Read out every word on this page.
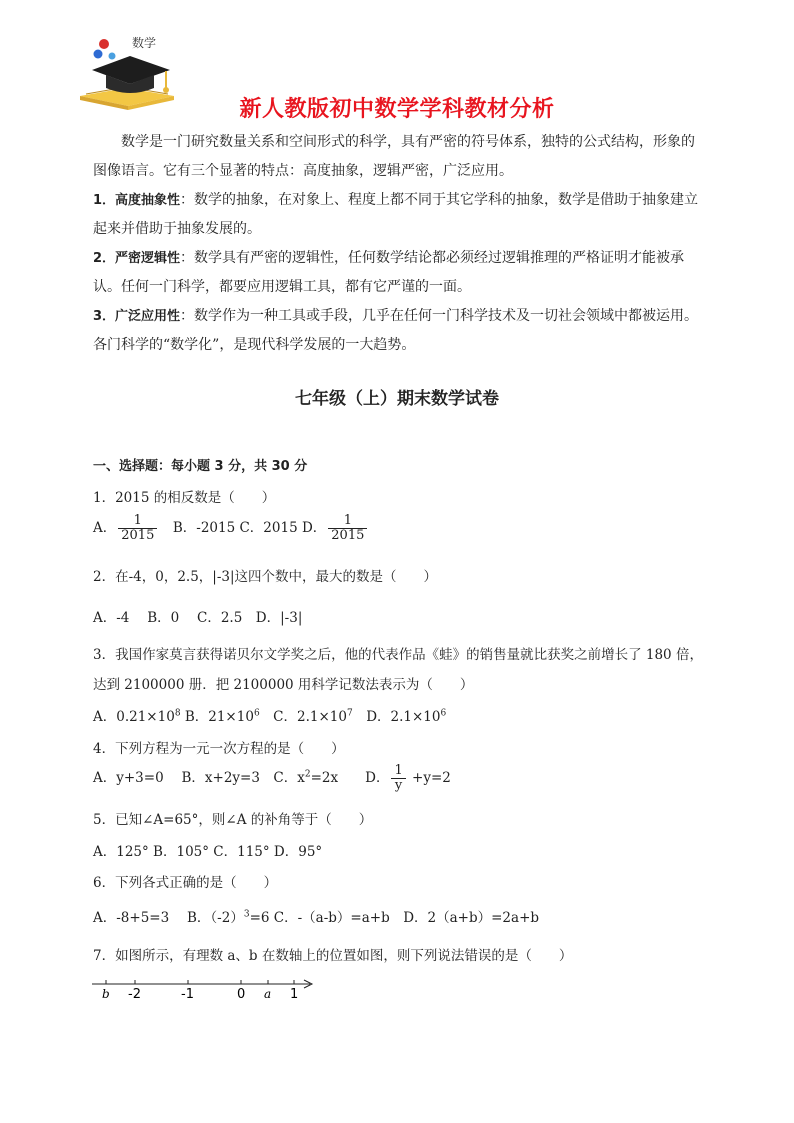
数学
新人教版初中数学学科教材分析
数学是一门研究数量关系和空间形式的科学，具有严密的符号体系，独特的公式结构，形象的图像语言。它有三个显著的特点：高度抽象，逻辑严密，广泛应用。
1．高度抽象性：数学的抽象，在对象上、程度上都不同于其它学科的抽象，数学是借助于抽象建立起来并借助于抽象发展的。
2．严密逻辑性：数学具有严密的逻辑性，任何数学结论都必须经过逻辑推理的严格证明才能被承认。任何一门科学，都要应用逻辑工具，都有它严谨的一面。
3．广泛应用性：数学作为一种工具或手段，几乎在任何一门科学技术及一切社会领域中都被运用。各门科学的“数学化”，是现代科学发展的一大趋势。
七年级（上）期末数学试卷
一、选择题：每小题 3 分，共 30 分
1．2015 的相反数是（　　）
A． $\frac{1}{2015}$ 　B．-2015 C．2015 D． $\frac{1}{2015}$
2．在-4，0，2.5，|-3|这四个数中，最大的数是（　　）
A．-4　 B．0　 C．2.5　D．|-3|
3．我国作家莫言获得诺贝尔文学奖之后，他的代表作品《蛙》的销售量就比获奖之前增长了 180 倍，
达到 2100000 册．把 2100000 用科学记数法表示为（　　）
A．$0.21\times 10^8$ B．$21\times 10^6$　C．$2.1\times 10^7$　D．$2.1\times 10^6$
4．下列方程为一元一次方程的是（　　）
A．y+3=0　 B．x+2y=3　C．$x^2=2x$　　D． $\frac{1}{y} +y=2$
5．已知∠A=65°，则∠A 的补角等于（　　）
A．125° B．105° C．115° D．95°
6．下列各式正确的是（　　）
A．-8+5=3　 B．$(-2)^3=6$ C．-（a-b）=a+b　D．2（a+b）=2a+b
7．如图所示，有理数 a、b 在数轴上的位置如图，则下列说法错误的是（　　）
b -2	-1	0 a 1
